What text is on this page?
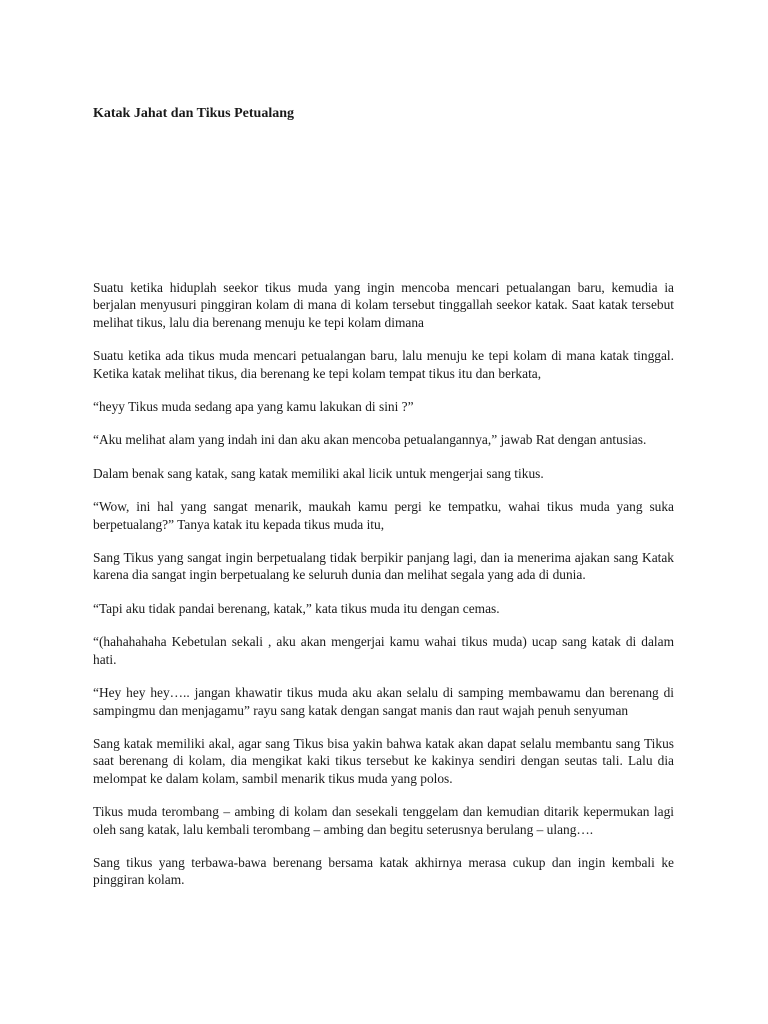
Katak Jahat dan Tikus Petualang

Suatu ketika hiduplah seekor tikus muda yang ingin mencoba mencari petualangan baru, kemudia ia berjalan menyusuri pinggiran kolam di mana di kolam tersebut tinggallah seekor katak. Saat katak tersebut melihat tikus, lalu dia berenang menuju ke tepi kolam dimana

Suatu ketika ada tikus muda mencari petualangan baru, lalu menuju ke tepi kolam di mana katak tinggal. Ketika katak melihat tikus, dia berenang ke tepi kolam tempat tikus itu dan berkata,

“heyy Tikus muda sedang apa yang kamu lakukan di sini ?”

“Aku melihat alam yang indah ini dan aku akan mencoba petualangannya,” jawab Rat dengan antusias.

Dalam benak sang katak, sang katak memiliki akal licik untuk mengerjai sang tikus.

“Wow, ini hal yang sangat menarik, maukah kamu pergi ke tempatku, wahai tikus muda yang suka berpetualang?” Tanya katak itu kepada tikus muda itu,

Sang Tikus yang sangat ingin berpetualang tidak berpikir panjang lagi, dan ia menerima ajakan sang Katak karena dia sangat ingin berpetualang ke seluruh dunia dan melihat segala yang ada di dunia.

“Tapi aku tidak pandai berenang, katak,” kata tikus muda itu dengan cemas.

“(hahahahaha Kebetulan sekali , aku akan mengerjai kamu wahai tikus muda) ucap sang katak di dalam hati.

“Hey hey hey….. jangan khawatir tikus muda aku akan selalu di samping membawamu dan berenang di sampingmu dan menjagamu” rayu sang katak dengan sangat manis dan raut wajah penuh senyuman

Sang katak memiliki akal, agar sang Tikus bisa yakin bahwa katak akan dapat selalu membantu sang Tikus saat berenang di kolam, dia mengikat kaki tikus tersebut ke kakinya sendiri dengan seutas tali. Lalu dia melompat ke dalam kolam, sambil menarik tikus muda yang polos.

Tikus muda terombang – ambing di kolam dan sesekali tenggelam dan kemudian ditarik kepermukan lagi oleh sang katak, lalu kembali terombang – ambing dan begitu seterusnya berulang – ulang….

Sang tikus yang terbawa-bawa berenang bersama katak akhirnya merasa cukup dan ingin kembali ke pinggiran kolam.
